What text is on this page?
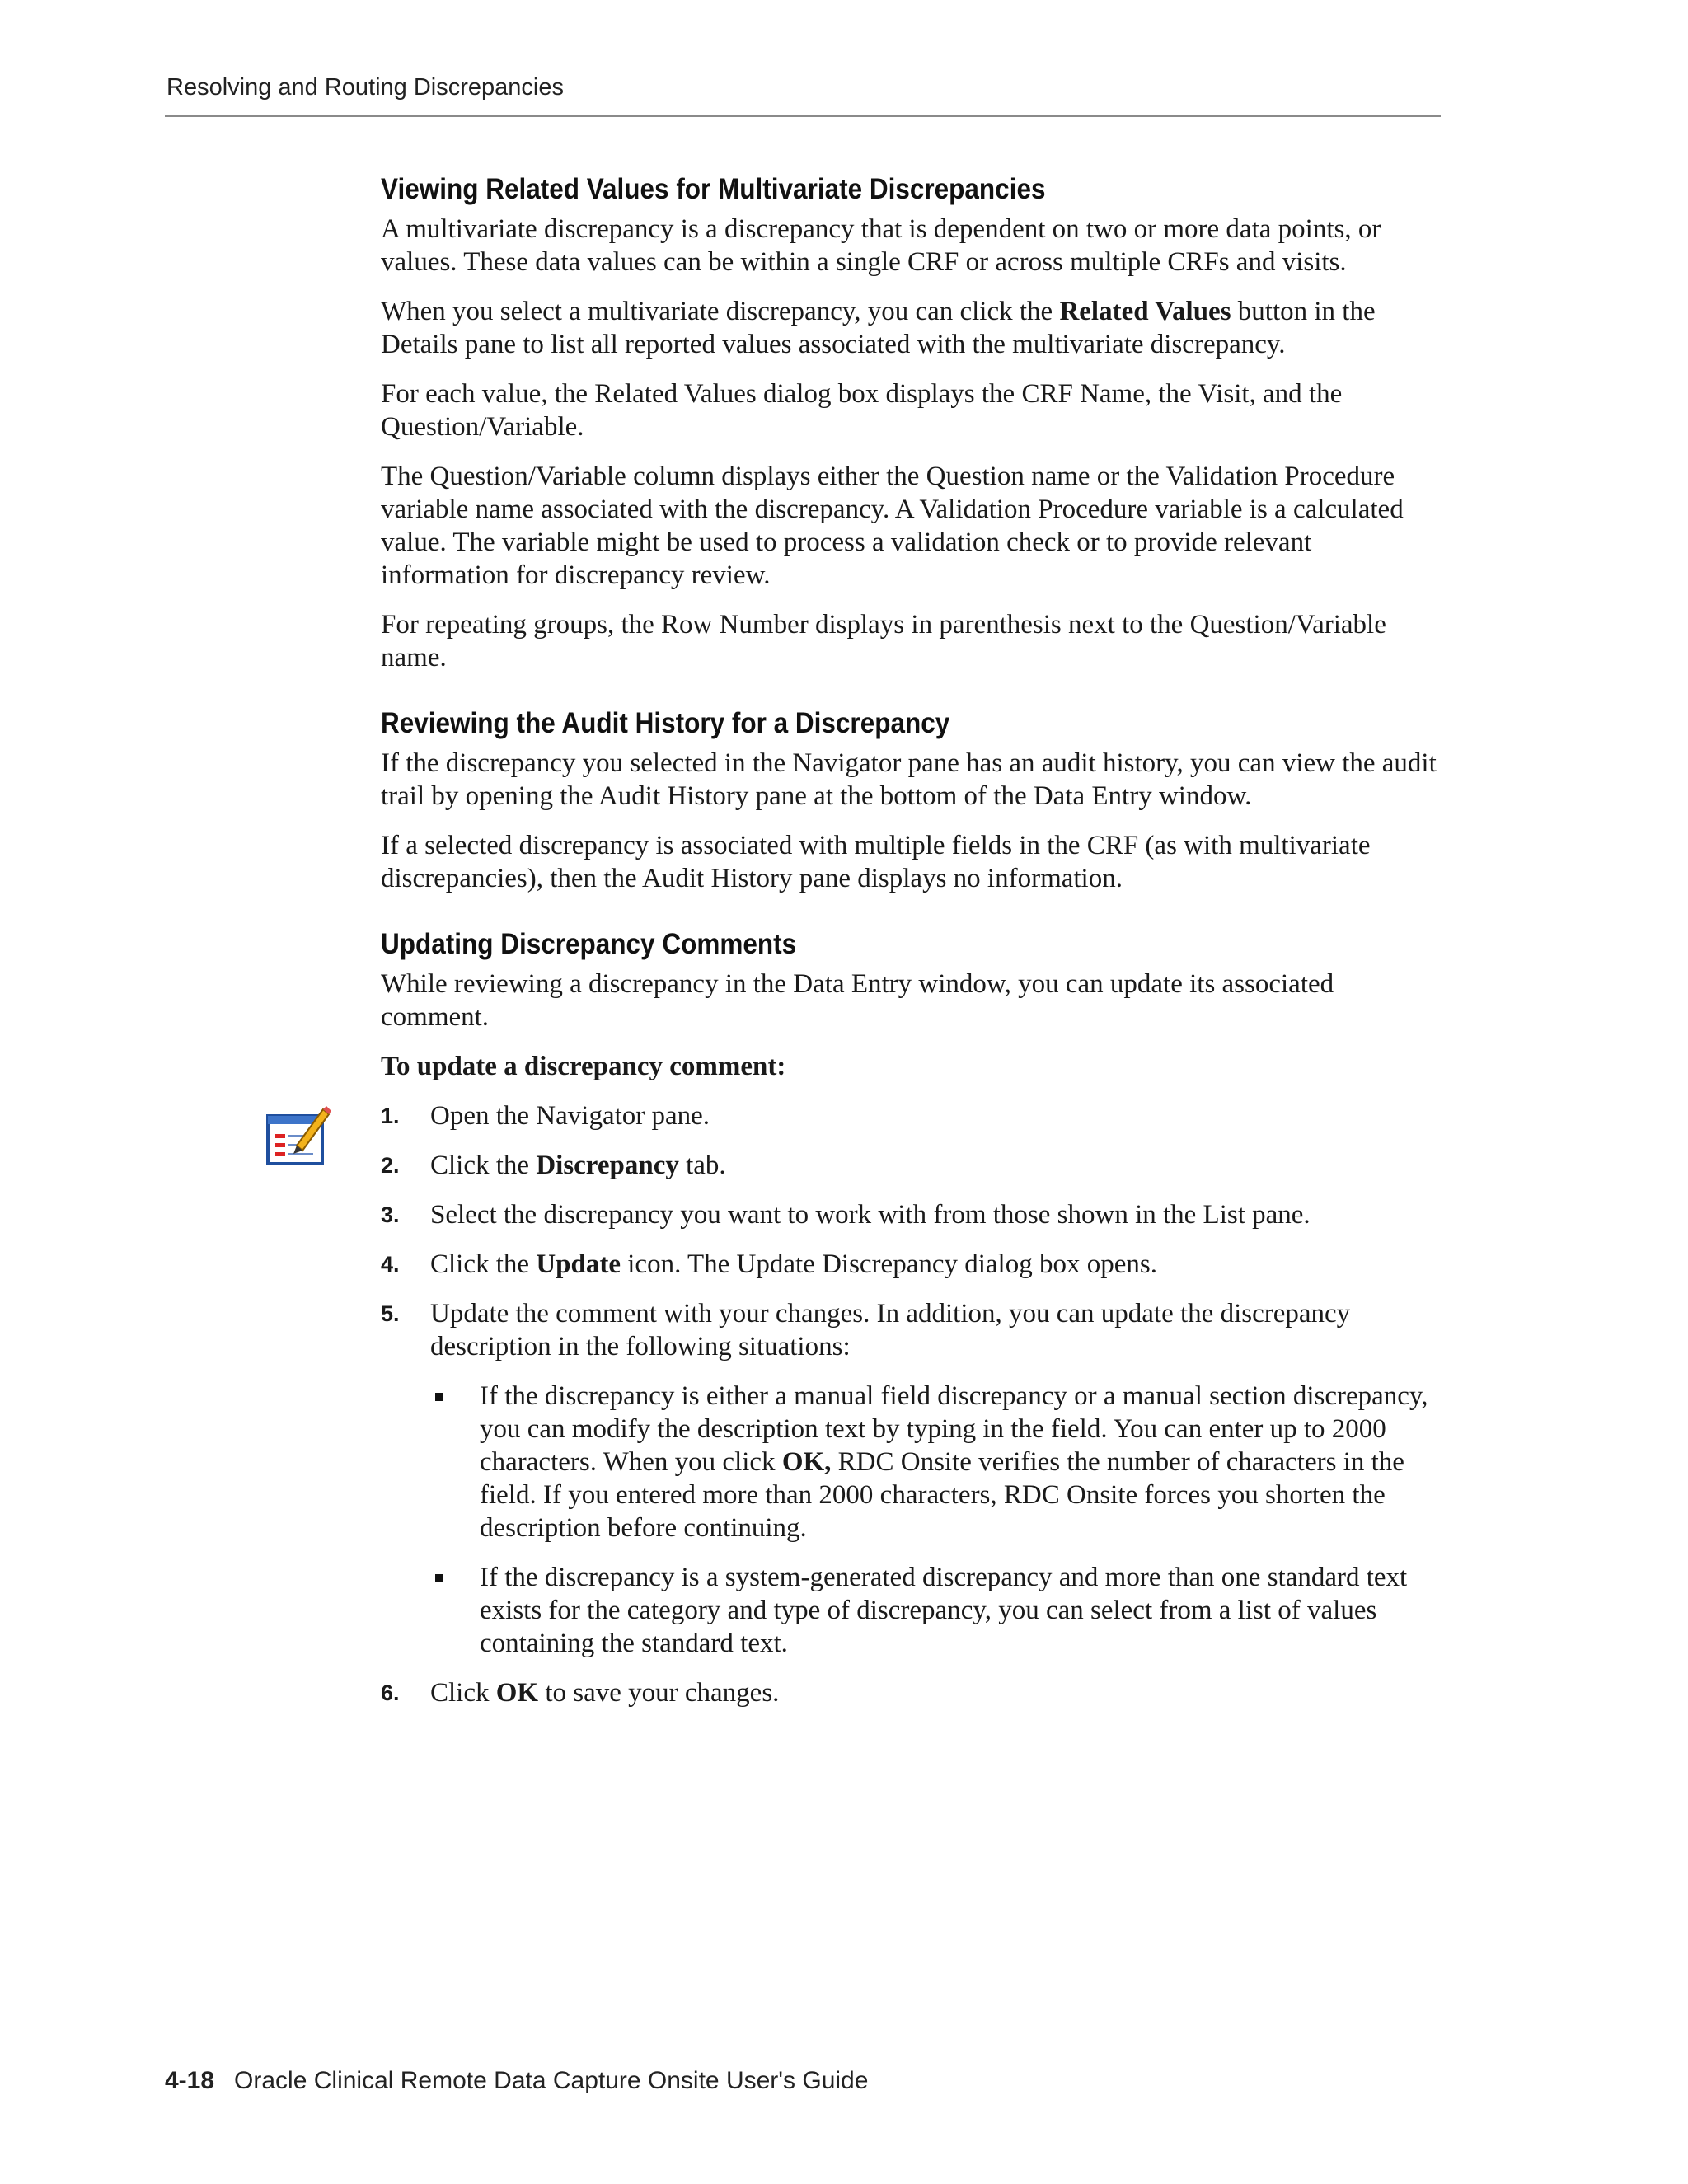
Resolving and Routing Discrepancies
Viewing Related Values for Multivariate Discrepancies

A multivariate discrepancy is a discrepancy that is dependent on two or more data points, or values. These data values can be within a single CRF or across multiple CRFs and visits.

When you select a multivariate discrepancy, you can click the Related Values button in the Details pane to list all reported values associated with the multivariate discrepancy.

For each value, the Related Values dialog box displays the CRF Name, the Visit, and the Question/Variable.

The Question/Variable column displays either the Question name or the Validation Procedure variable name associated with the discrepancy. A Validation Procedure variable is a calculated value. The variable might be used to process a validation check or to provide relevant information for discrepancy review.

For repeating groups, the Row Number displays in parenthesis next to the Question/Variable name.

Reviewing the Audit History for a Discrepancy

If the discrepancy you selected in the Navigator pane has an audit history, you can view the audit trail by opening the Audit History pane at the bottom of the Data Entry window.

If a selected discrepancy is associated with multiple fields in the CRF (as with multivariate discrepancies), then the Audit History pane displays no information.

Updating Discrepancy Comments

While reviewing a discrepancy in the Data Entry window, you can update its associated comment.

To update a discrepancy comment:

1. Open the Navigator pane.
2. Click the Discrepancy tab.
3. Select the discrepancy you want to work with from those shown in the List pane.
4. Click the Update icon. The Update Discrepancy dialog box opens.
5. Update the comment with your changes. In addition, you can update the discrepancy description in the following situations:
If the discrepancy is either a manual field discrepancy or a manual section discrepancy, you can modify the description text by typing in the field. You can enter up to 2000 characters. When you click OK, RDC Onsite verifies the number of characters in the field. If you entered more than 2000 characters, RDC Onsite forces you shorten the description before continuing.
If the discrepancy is a system-generated discrepancy and more than one standard text exists for the category and type of discrepancy, you can select from a list of values containing the standard text.
6. Click OK to save your changes.
4-18 Oracle Clinical Remote Data Capture Onsite User's Guide
